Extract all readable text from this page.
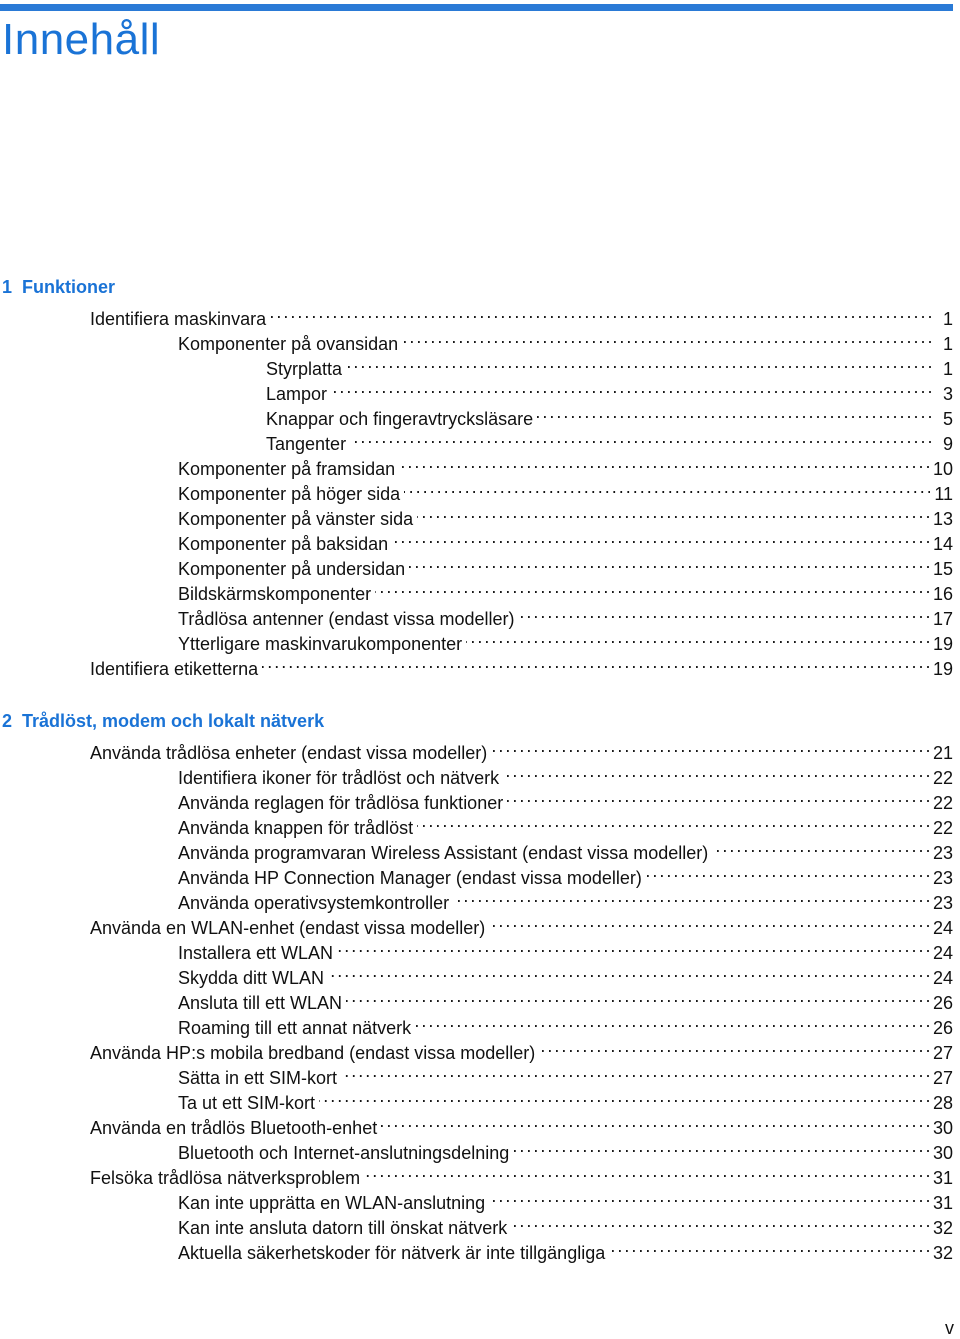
Innehåll
1 Funktioner
Identifiera maskinvara . . .	1
Komponenter på ovansidan . . .	1
Styrplatta . . .	1
Lampor . . .	3
Knappar och fingeravtrycksläsare . . .	5
Tangenter . . .	9
Komponenter på framsidan . . .	10
Komponenter på höger sida . . .	11
Komponenter på vänster sida . . .	13
Komponenter på baksidan . . .	14
Komponenter på undersidan . . .	15
Bildskärmskomponenter . . .	16
Trådlösa antenner (endast vissa modeller) . . .	17
Ytterligare maskinvarukomponenter . . .	19
Identifiera etiketterna . . .	19
2 Trådlöst, modem och lokalt nätverk
Använda trådlösa enheter (endast vissa modeller) . . .	21
Identifiera ikoner för trådlöst och nätverk . . .	22
Använda reglagen för trådlösa funktioner . . .	22
Använda knappen för trådlöst . . .	22
Använda programvaran Wireless Assistant (endast vissa modeller) . . .	23
Använda HP Connection Manager (endast vissa modeller) . . .	23
Använda operativsystemkontroller . . .	23
Använda en WLAN-enhet (endast vissa modeller) . . .	24
Installera ett WLAN . . .	24
Skydda ditt WLAN . . .	24
Ansluta till ett WLAN . . .	26
Roaming till ett annat nätverk . . .	26
Använda HP:s mobila bredband (endast vissa modeller) . . .	27
Sätta in ett SIM-kort . . .	27
Ta ut ett SIM-kort . . .	28
Använda en trådlös Bluetooth-enhet . . .	30
Bluetooth och Internet-anslutningsdelning . . .	30
Felsöka trådlösa nätverksproblem . . .	31
Kan inte upprätta en WLAN-anslutning . . .	31
Kan inte ansluta datorn till önskat nätverk . . .	32
Aktuella säkerhetskoder för nätverk är inte tillgängliga . . .	32
v
